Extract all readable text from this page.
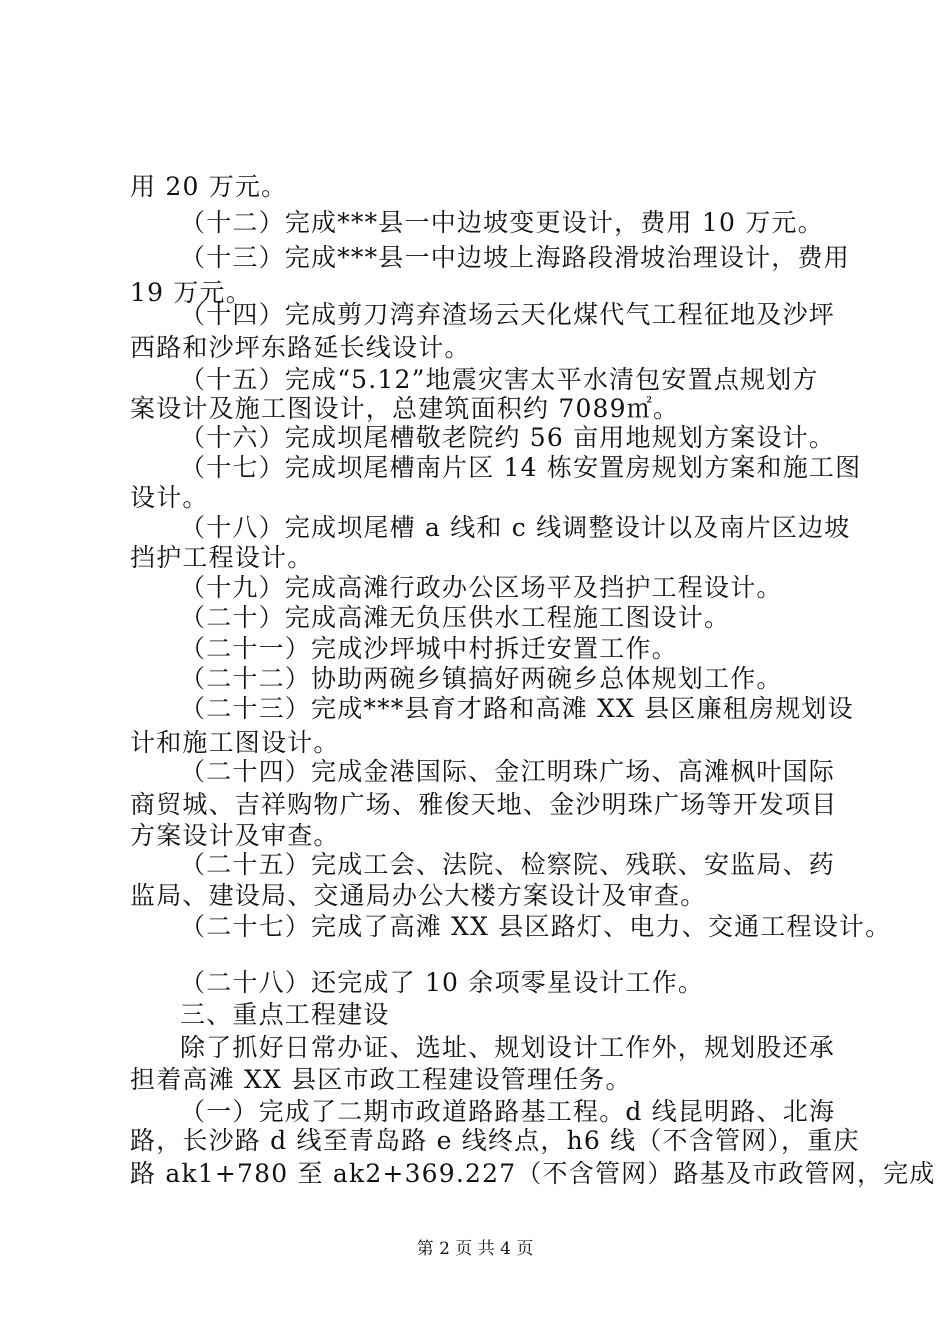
用 20 万元。
（十二）完成***县一中边坡变更设计，费用 10 万元。
（十三）完成***县一中边坡上海路段滑坡治理设计，费用
19 万元。
（十四）完成剪刀湾弃渣场云天化煤代气工程征地及沙坪
西路和沙坪东路延长线设计。
（十五）完成“5.12”地震灾害太平水清包安置点规划方
案设计及施工图设计，总建筑面积约 7089㎡。
（十六）完成坝尾槽敬老院约 56 亩用地规划方案设计。
（十七）完成坝尾槽南片区 14 栋安置房规划方案和施工图
设计。
（十八）完成坝尾槽 a 线和 c 线调整设计以及南片区边坡
挡护工程设计。
（十九）完成高滩行政办公区场平及挡护工程设计。
（二十）完成高滩无负压供水工程施工图设计。
（二十一）完成沙坪城中村拆迁安置工作。
（二十二）协助两碗乡镇搞好两碗乡总体规划工作。
（二十三）完成***县育才路和高滩 XX 县区廉租房规划设
计和施工图设计。
（二十四）完成金港国际、金江明珠广场、高滩枫叶国际
商贸城、吉祥购物广场、雅俊天地、金沙明珠广场等开发项目
方案设计及审查。
（二十五）完成工会、法院、检察院、残联、安监局、药
监局、建设局、交通局办公大楼方案设计及审查。
（二十七）完成了高滩 XX 县区路灯、电力、交通工程设计。
（二十八）还完成了 10 余项零星设计工作。
三、重点工程建设
除了抓好日常办证、选址、规划设计工作外，规划股还承
担着高滩 XX 县区市政工程建设管理任务。
（一）完成了二期市政道路路基工程。d 线昆明路、北海
路，长沙路 d 线至青岛路 e 线终点，h6 线（不含管网），重庆
路 ak1+780 至 ak2+369.227（不含管网）路基及市政管网，完成
第 2 页 共 4 页
